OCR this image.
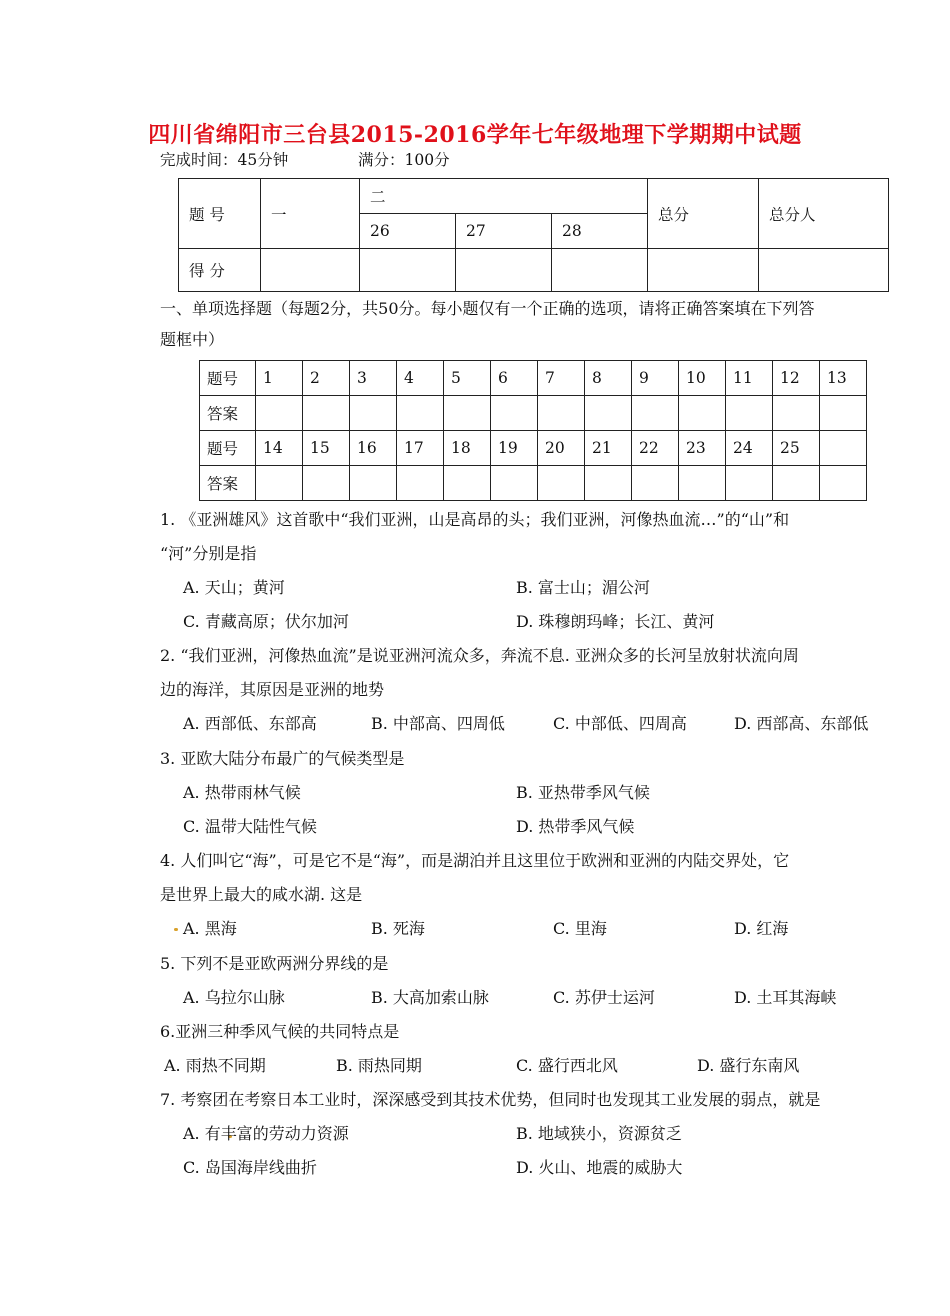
四川省绵阳市三台县2015-2016学年七年级地理下学期期中试题
完成时间：45分钟	满分：100分
题 号	一	二			总分	总分人
		26	27	28		
得 分						
一、单项选择题（每题2分，共50分。每小题仅有一个正确的选项，请将正确答案填在下列答
题框中）
题号	1	2	3	4	5	6	7	8	9	10	11	12	13
答案													
题号	14	15	16	17	18	19	20	21	22	23	24	25	
答案													
1. 《亚洲雄风》这首歌中“我们亚洲，山是高昂的头；我们亚洲，河像热血流…”的“山”和
“河”分别是指
A. 天山；黄河	B. 富士山；湄公河
C. 青藏高原；伏尔加河	D. 珠穆朗玛峰；长江、黄河
2. “我们亚洲，河像热血流”是说亚洲河流众多，奔流不息. 亚洲众多的长河呈放射状流向周
边的海洋，其原因是亚洲的地势
A. 西部低、东部高	B. 中部高、四周低	C. 中部低、四周高	D. 西部高、东部低
3. 亚欧大陆分布最广的气候类型是
A. 热带雨林气候	B. 亚热带季风气候
C. 温带大陆性气候	D. 热带季风气候
4. 人们叫它“海”，可是它不是“海”，而是湖泊并且这里位于欧洲和亚洲的内陆交界处，它
是世界上最大的咸水湖. 这是
A. 黑海	B. 死海	C. 里海	D. 红海
5. 下列不是亚欧两洲分界线的是
A. 乌拉尔山脉	B. 大高加索山脉	C. 苏伊士运河	D. 土耳其海峡
6.亚洲三种季风气候的共同特点是
A. 雨热不同期	B. 雨热同期	C. 盛行西北风	D. 盛行东南风
7. 考察团在考察日本工业时，深深感受到其技术优势，但同时也发现其工业发展的弱点，就是
A. 有丰富的劳动力资源	B. 地域狭小，资源贫乏
C. 岛国海岸线曲折	D. 火山、地震的威胁大
